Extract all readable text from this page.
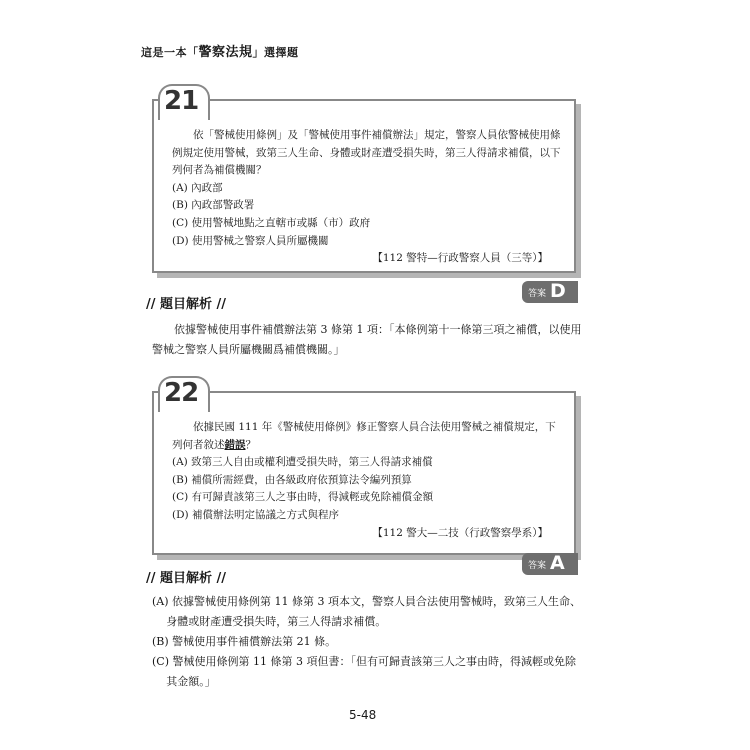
這是一本「警察法規」選擇題

依「警械使用條例」及「警械使用事件補償辦法」規定，警察人員依警械使用條例規定使用警械，致第三人生命、身體或財產遭受損失時，第三人得請求補償，以下列何者為補償機關？

(A) 內政部

(B) 內政部警政署

(C) 使用警械地點之直轄市或縣（市）政府

(D) 使用警械之警察人員所屬機關

【112 警特—行政警察人員（三等）】

21
答案 D
// 題目解析 //

依據警械使用事件補償辦法第 3 條第 1 項：「本條例第十一條第三項之補償，以使用警械之警察人員所屬機關爲補償機關。」

依據民國 111 年《警械使用條例》修正警察人員合法使用警械之補償規定，下列何者敘述錯誤？

(A) 致第三人自由或權利遭受損失時，第三人得請求補償

(B) 補償所需經費，由各級政府依預算法令編列預算

(C) 有可歸責該第三人之事由時，得減輕或免除補償金額

(D) 補償辦法明定協議之方式與程序

【112 警大—二技（行政警察學系）】

22
答案 A
// 題目解析 //

(A) 依據警械使用條例第 11 條第 3 項本文，警察人員合法使用警械時，致第三人生命、身體或財產遭受損失時，第三人得請求補償。

(B) 警械使用事件補償辦法第 21 條。

(C) 警械使用條例第 11 條第 3 項但書：「但有可歸責該第三人之事由時，得減輕或免除其金額。」

5-48
